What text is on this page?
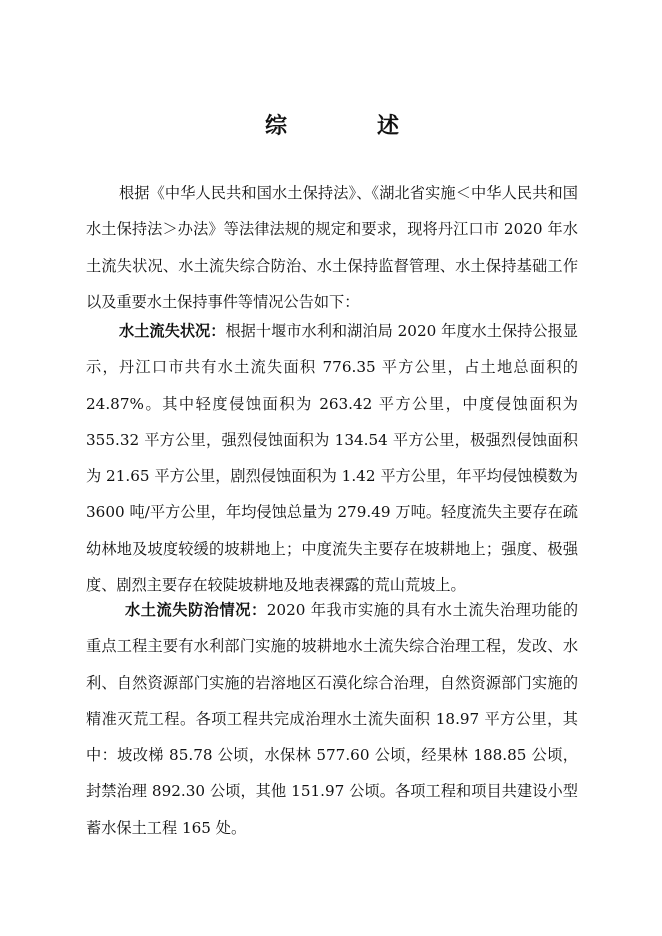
综　述

根据《中华人民共和国水土保持法》、《湖北省实施＜中华人民共和国水土保持法＞办法》等法律法规的规定和要求，现将丹江口市 2020 年水土流失状况、水土流失综合防治、水土保持监督管理、水土保持基础工作以及重要水土保持事件等情况公告如下：

水土流失状况：根据十堰市水利和湖泊局 2020 年度水土保持公报显示，丹江口市共有水土流失面积 776.35 平方公里，占土地总面积的 24.87%。其中轻度侵蚀面积为 263.42 平方公里，中度侵蚀面积为 355.32 平方公里，强烈侵蚀面积为 134.54 平方公里，极强烈侵蚀面积为 21.65 平方公里，剧烈侵蚀面积为 1.42 平方公里，年平均侵蚀模数为 3600 吨/平方公里，年均侵蚀总量为 279.49 万吨。轻度流失主要存在疏幼林地及坡度较缓的坡耕地上；中度流失主要存在坡耕地上；强度、极强度、剧烈主要存在较陡坡耕地及地表裸露的荒山荒坡上。

水土流失防治情况：2020 年我市实施的具有水土流失治理功能的重点工程主要有水利部门实施的坡耕地水土流失综合治理工程，发改、水利、自然资源部门实施的岩溶地区石漠化综合治理，自然资源部门实施的精准灭荒工程。各项工程共完成治理水土流失面积 18.97 平方公里，其中：坡改梯 85.78 公顷，水保林 577.60 公顷，经果林 188.85 公顷，封禁治理 892.30 公顷，其他 151.97 公顷。各项工程和项目共建设小型蓄水保土工程 165 处。
